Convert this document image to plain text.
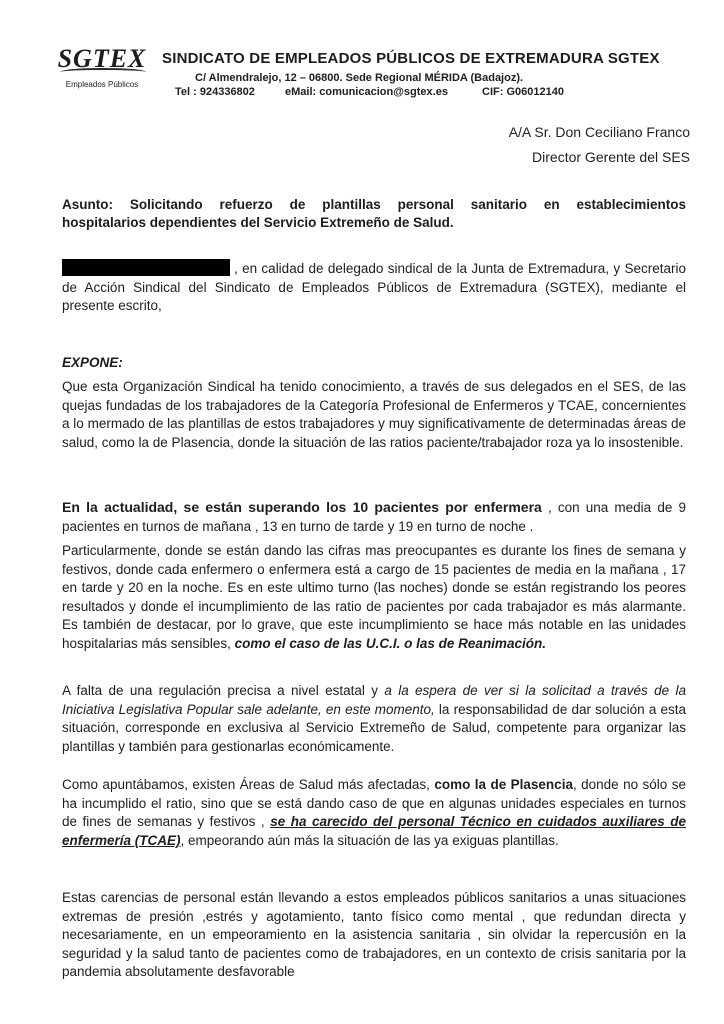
SGTEX
Empleados Públicos
SINDICATO DE EMPLEADOS PÚBLICOS DE EXTREMADURA SGTEX
C/ Almendralejo, 12 – 06800. Sede Regional MÉRIDA (Badajoz).
Tel : 924336802	eMail: comunicacion@sgtex.es	CIF: G06012140
A/A Sr. Don Ceciliano Franco
Director Gerente del SES
Asunto: Solicitando refuerzo de plantillas personal sanitario en establecimientos
hospitalarios dependientes del Servicio Extremeño de Salud.
, en calidad de delegado sindical de la Junta de Extremadura, y Secretario de Acción Sindical del Sindicato de Empleados Públicos de Extremadura (SGTEX), mediante el presente escrito,
EXPONE:
Que esta Organización Sindical ha tenido conocimiento, a través de sus delegados en el SES, de las quejas fundadas de los trabajadores de la Categoría Profesional de Enfermeros y TCAE, concernientes a lo mermado de las plantillas de estos trabajadores y muy significativamente de determinadas áreas de salud, como la de Plasencia, donde la situación de las ratios paciente/trabajador roza ya lo insostenible.
En la actualidad, se están superando los 10 pacientes por enfermera , con una media de 9 pacientes en turnos de mañana , 13 en turno de tarde y 19 en turno de noche .
Particularmente, donde se están dando las cifras mas preocupantes es durante los fines de semana y festivos, donde cada enfermero o enfermera está a cargo de 15 pacientes de media en la mañana , 17 en tarde y 20 en la noche. Es en este ultimo turno (las noches) donde se están registrando los peores resultados y donde el incumplimiento de las ratio de pacientes por cada trabajador es más alarmante. Es también de destacar, por lo grave, que este incumplimiento se hace más notable en las unidades hospitalarias más sensibles, como el caso de las U.C.I. o las de Reanimación.
A falta de una regulación precisa a nivel estatal y a la espera de ver si la solicitad a través de la Iniciativa Legislativa Popular sale adelante, en este momento, la responsabilidad de dar solución a esta situación, corresponde en exclusiva al Servicio Extremeño de Salud, competente para organizar las plantillas y también para gestionarlas económicamente.
Como apuntábamos, existen Áreas de Salud más afectadas, como la de Plasencia, donde no sólo se ha incumplido el ratio, sino que se está dando caso de que en algunas unidades especiales en turnos de fines de semanas y festivos , se ha carecido del personal Técnico en cuidados auxiliares de enfermería (TCAE), empeorando aún más la situación de las ya exiguas plantillas.
Estas carencias de personal están llevando a estos empleados públicos sanitarios a unas situaciones extremas de presión ,estrés y agotamiento, tanto físico como mental , que redundan directa y necesariamente, en un empeoramiento en la asistencia sanitaria , sin olvidar la repercusión en la seguridad y la salud tanto de pacientes como de trabajadores, en un contexto de crisis sanitaria por la pandemia absolutamente desfavorable
